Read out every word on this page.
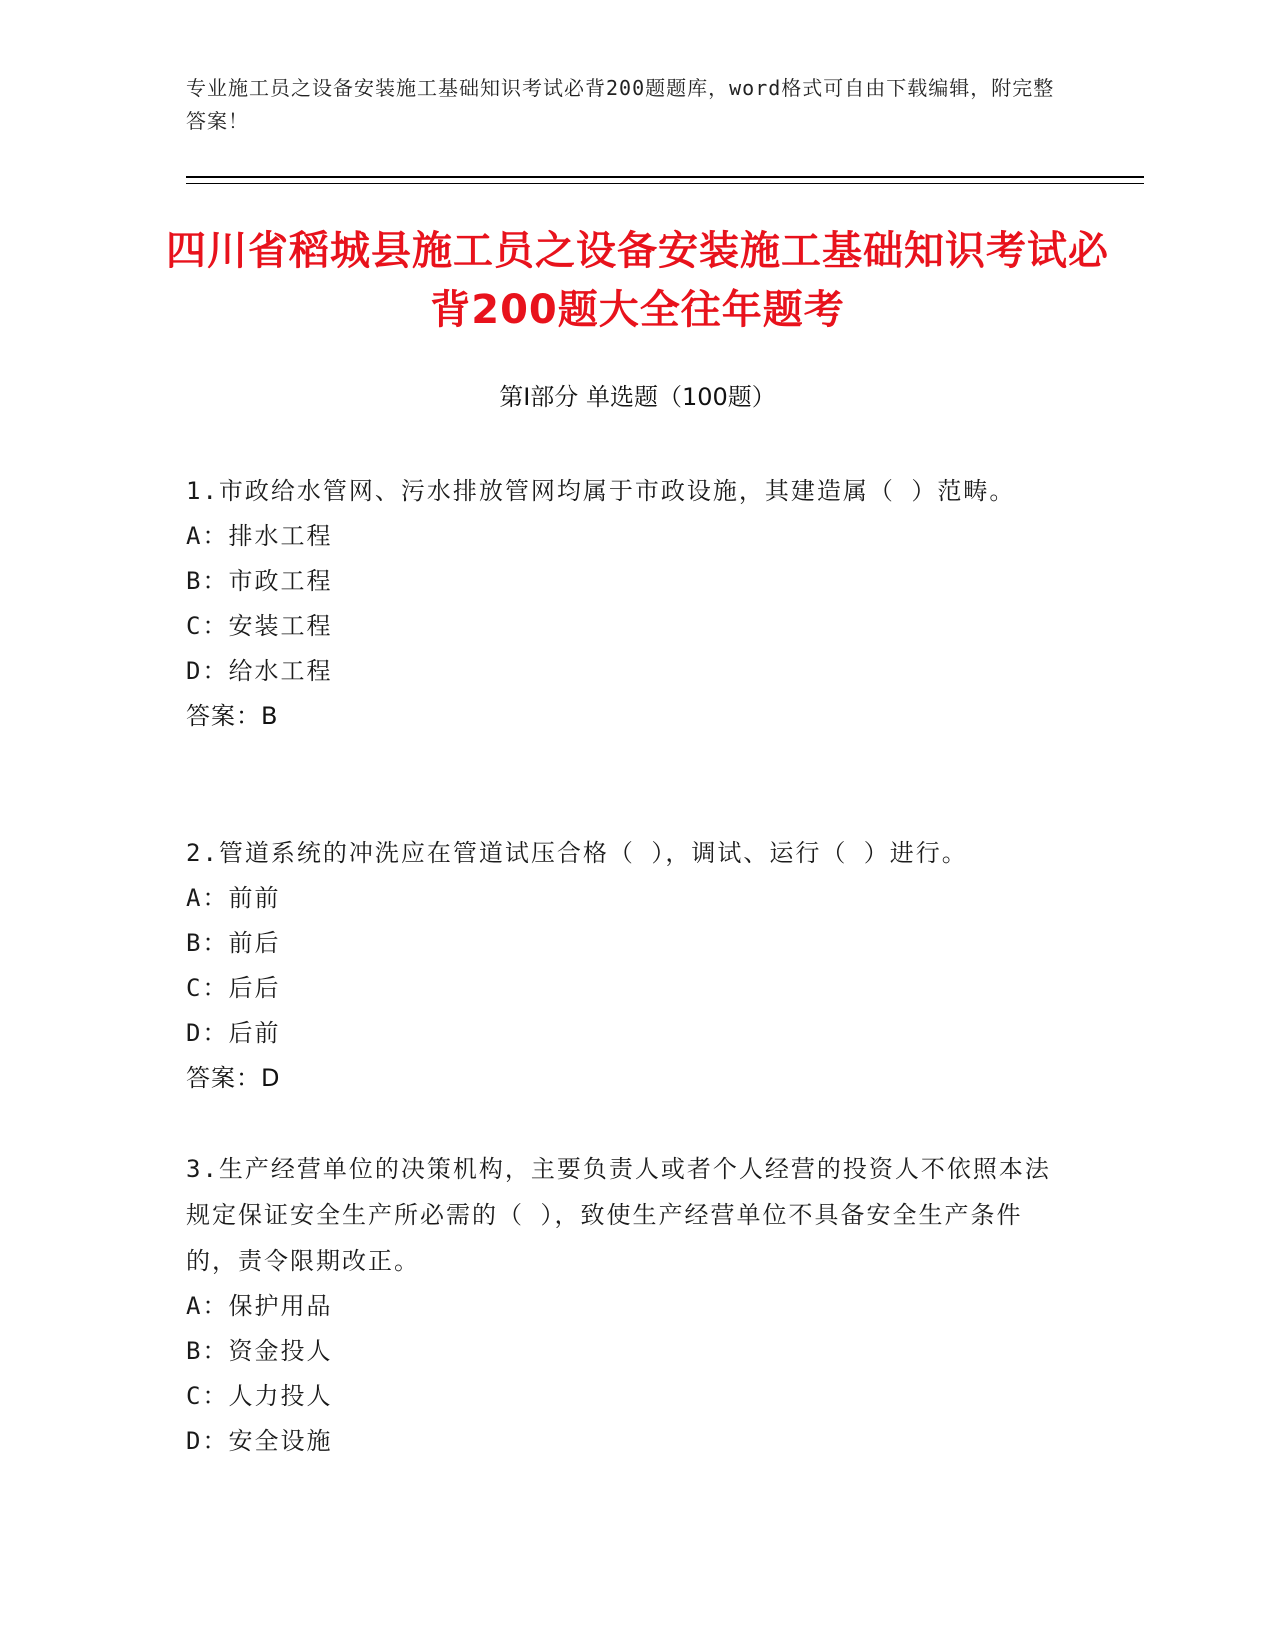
专业施工员之设备安装施工基础知识考试必背200题题库，word格式可自由下载编辑，附完整答案！

四川省稻城县施工员之设备安装施工基础知识考试必背200题大全往年题考
第Ⅰ部分 单选题（100题）

1.市政给水管网、污水排放管网均属于市政设施，其建造属（ ）范畴。

A：排水工程

B：市政工程

C：安装工程

D：给水工程

答案：B

2.管道系统的冲洗应在管道试压合格（ ），调试、运行（ ）进行。

A：前前

B：前后

C：后后

D：后前

答案：D

3.生产经营单位的决策机构，主要负责人或者个人经营的投资人不依照本法规定保证安全生产所必需的（ ），致使生产经营单位不具备安全生产条件的，责令限期改正。

A：保护用品

B：资金投人

C：人力投人

D：安全设施
